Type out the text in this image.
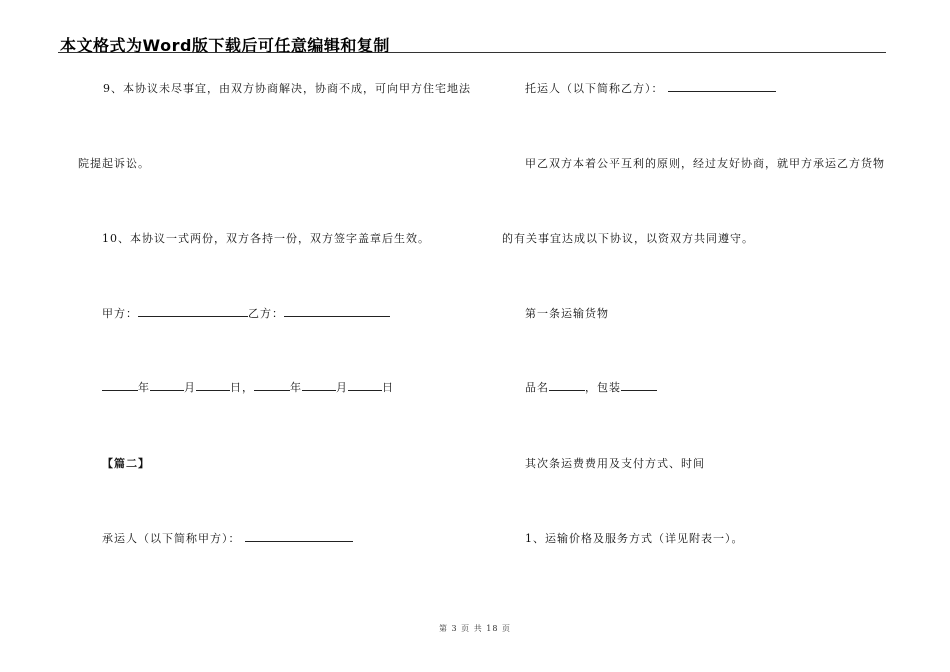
本文格式为Word版下载后可任意编辑和复制
9、本协议未尽事宜，由双方协商解决，协商不成，可向甲方住宅地法
院提起诉讼。
10、本协议一式两份，双方各持一份，双方签字盖章后生效。
甲方：	乙方：
年	月	日，	年	月	日
【篇二】
承运人（以下简称甲方）：
托运人（以下简称乙方）：
甲乙双方本着公平互利的原则，经过友好协商，就甲方承运乙方货物
的有关事宜达成以下协议，以资双方共同遵守。
第一条运输货物
品名	，包装
其次条运费费用及支付方式、时间
1、运输价格及服务方式（详见附表一）。
第 3 页 共 18 页
